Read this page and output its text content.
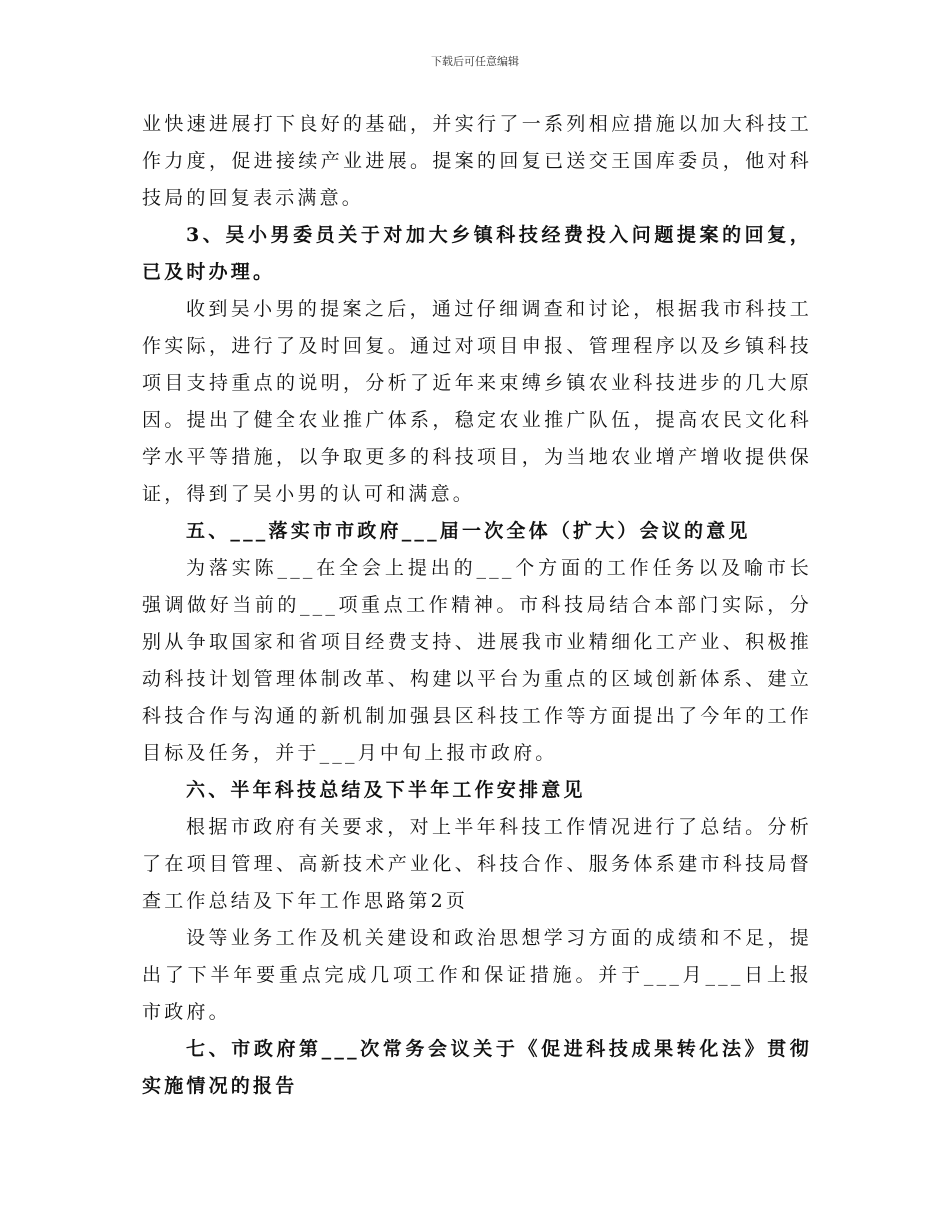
下载后可任意编辑

业快速进展打下良好的基础，并实行了一系列相应措施以加大科技工作力度，促进接续产业进展。提案的回复已送交王国库委员，他对科技局的回复表示满意。

3、吴小男委员关于对加大乡镇科技经费投入问题提案的回复，已及时办理。

收到吴小男的提案之后，通过仔细调查和讨论，根据我市科技工作实际，进行了及时回复。通过对项目申报、管理程序以及乡镇科技项目支持重点的说明，分析了近年来束缚乡镇农业科技进步的几大原因。提出了健全农业推广体系，稳定农业推广队伍，提高农民文化科学水平等措施，以争取更多的科技项目，为当地农业增产增收提供保证，得到了吴小男的认可和满意。

五、___落实市市政府___届一次全体（扩大）会议的意见

为落实陈___在全会上提出的___个方面的工作任务以及喻市长强调做好当前的___项重点工作精神。市科技局结合本部门实际，分别从争取国家和省项目经费支持、进展我市业精细化工产业、积极推动科技计划管理体制改革、构建以平台为重点的区域创新体系、建立科技合作与沟通的新机制加强县区科技工作等方面提出了今年的工作目标及任务，并于___月中旬上报市政府。

六、半年科技总结及下半年工作安排意见

根据市政府有关要求，对上半年科技工作情况进行了总结。分析了在项目管理、高新技术产业化、科技合作、服务体系建市科技局督查工作总结及下年工作思路第2页

设等业务工作及机关建设和政治思想学习方面的成绩和不足，提出了下半年要重点完成几项工作和保证措施。并于___月___日上报市政府。

七、市政府第___次常务会议关于《促进科技成果转化法》贯彻实施情况的报告
